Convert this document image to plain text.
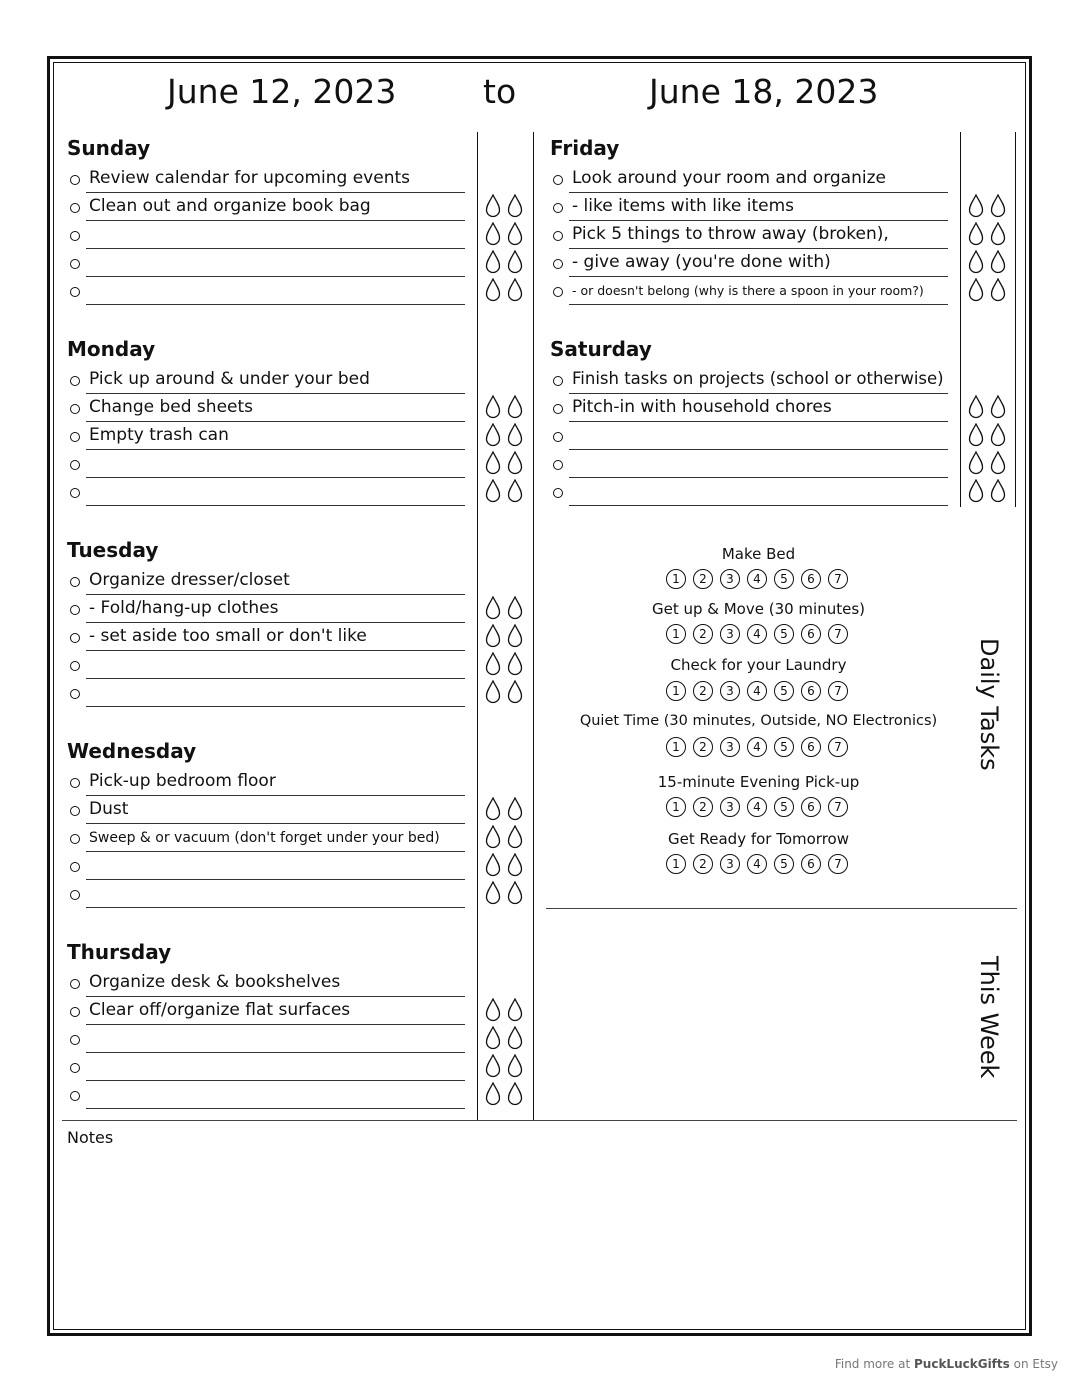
June 12, 2023	to	June 18, 2023
Sunday
Review calendar for upcoming events
Clean out and organize book bag
Monday
Pick up around & under your bed
Change bed sheets
Empty trash can
Tuesday
Organize dresser/closet
- Fold/hang-up clothes
- set aside too small or don't like
Wednesday
Pick-up bedroom floor
Dust
Sweep & or vacuum (don't forget under your bed)
Thursday
Organize desk & bookshelves
Clear off/organize flat surfaces
Friday
Look around your room and organize
- like items with like items
Pick 5 things to throw away (broken),
- give away (you're done with)
- or doesn't belong (why is there a spoon in your room?)
Saturday
Finish tasks on projects (school or otherwise)
Pitch-in with household chores
Make Bed
1	2	3	4	5	6	7
Get up & Move (30 minutes)
1	2	3	4	5	6	7
Check for your Laundry
1	2	3	4	5	6	7
Quiet Time (30 minutes, Outside, NO Electronics)
1	2	3	4	5	6	7
15-minute Evening Pick-up
1	2	3	4	5	6	7
Get Ready for Tomorrow
1	2	3	4	5	6	7
Daily Tasks
This Week
Notes
Find more at PuckLuckGifts on Etsy
